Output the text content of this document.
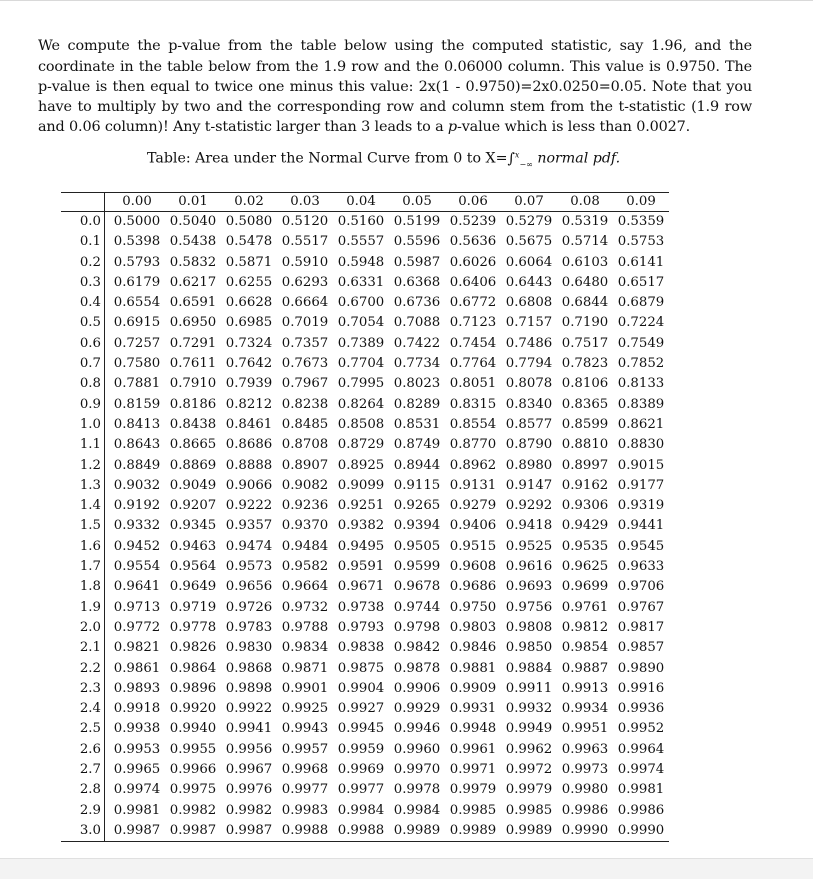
We compute the p-value from the table below using the computed statistic, say 1.96, and the coordinate in the table below from the 1.9 row and the 0.06000 column. This value is 0.9750. The p-value is then equal to twice one minus this value: 2x(1 - 0.9750)=2x0.0250=0.05. Note that you have to multiply by two and the corresponding row and column stem from the t-statistic (1.9 row and 0.06 column)! Any t-statistic larger than 3 leads to a p-value which is less than 0.0027.

Table: Area under the Normal Curve from 0 to X=∫$^x_{-\infty}$ normal pdf.
	0.00	0.01	0.02	0.03	0.04	0.05	0.06	0.07	0.08	0.09
0.0	0.5000	0.5040	0.5080	0.5120	0.5160	0.5199	0.5239	0.5279	0.5319	0.5359
0.1	0.5398	0.5438	0.5478	0.5517	0.5557	0.5596	0.5636	0.5675	0.5714	0.5753
0.2	0.5793	0.5832	0.5871	0.5910	0.5948	0.5987	0.6026	0.6064	0.6103	0.6141
0.3	0.6179	0.6217	0.6255	0.6293	0.6331	0.6368	0.6406	0.6443	0.6480	0.6517
0.4	0.6554	0.6591	0.6628	0.6664	0.6700	0.6736	0.6772	0.6808	0.6844	0.6879
0.5	0.6915	0.6950	0.6985	0.7019	0.7054	0.7088	0.7123	0.7157	0.7190	0.7224
0.6	0.7257	0.7291	0.7324	0.7357	0.7389	0.7422	0.7454	0.7486	0.7517	0.7549
0.7	0.7580	0.7611	0.7642	0.7673	0.7704	0.7734	0.7764	0.7794	0.7823	0.7852
0.8	0.7881	0.7910	0.7939	0.7967	0.7995	0.8023	0.8051	0.8078	0.8106	0.8133
0.9	0.8159	0.8186	0.8212	0.8238	0.8264	0.8289	0.8315	0.8340	0.8365	0.8389
1.0	0.8413	0.8438	0.8461	0.8485	0.8508	0.8531	0.8554	0.8577	0.8599	0.8621
1.1	0.8643	0.8665	0.8686	0.8708	0.8729	0.8749	0.8770	0.8790	0.8810	0.8830
1.2	0.8849	0.8869	0.8888	0.8907	0.8925	0.8944	0.8962	0.8980	0.8997	0.9015
1.3	0.9032	0.9049	0.9066	0.9082	0.9099	0.9115	0.9131	0.9147	0.9162	0.9177
1.4	0.9192	0.9207	0.9222	0.9236	0.9251	0.9265	0.9279	0.9292	0.9306	0.9319
1.5	0.9332	0.9345	0.9357	0.9370	0.9382	0.9394	0.9406	0.9418	0.9429	0.9441
1.6	0.9452	0.9463	0.9474	0.9484	0.9495	0.9505	0.9515	0.9525	0.9535	0.9545
1.7	0.9554	0.9564	0.9573	0.9582	0.9591	0.9599	0.9608	0.9616	0.9625	0.9633
1.8	0.9641	0.9649	0.9656	0.9664	0.9671	0.9678	0.9686	0.9693	0.9699	0.9706
1.9	0.9713	0.9719	0.9726	0.9732	0.9738	0.9744	0.9750	0.9756	0.9761	0.9767
2.0	0.9772	0.9778	0.9783	0.9788	0.9793	0.9798	0.9803	0.9808	0.9812	0.9817
2.1	0.9821	0.9826	0.9830	0.9834	0.9838	0.9842	0.9846	0.9850	0.9854	0.9857
2.2	0.9861	0.9864	0.9868	0.9871	0.9875	0.9878	0.9881	0.9884	0.9887	0.9890
2.3	0.9893	0.9896	0.9898	0.9901	0.9904	0.9906	0.9909	0.9911	0.9913	0.9916
2.4	0.9918	0.9920	0.9922	0.9925	0.9927	0.9929	0.9931	0.9932	0.9934	0.9936
2.5	0.9938	0.9940	0.9941	0.9943	0.9945	0.9946	0.9948	0.9949	0.9951	0.9952
2.6	0.9953	0.9955	0.9956	0.9957	0.9959	0.9960	0.9961	0.9962	0.9963	0.9964
2.7	0.9965	0.9966	0.9967	0.9968	0.9969	0.9970	0.9971	0.9972	0.9973	0.9974
2.8	0.9974	0.9975	0.9976	0.9977	0.9977	0.9978	0.9979	0.9979	0.9980	0.9981
2.9	0.9981	0.9982	0.9982	0.9983	0.9984	0.9984	0.9985	0.9985	0.9986	0.9986
3.0	0.9987	0.9987	0.9987	0.9988	0.9988	0.9989	0.9989	0.9989	0.9990	0.9990
